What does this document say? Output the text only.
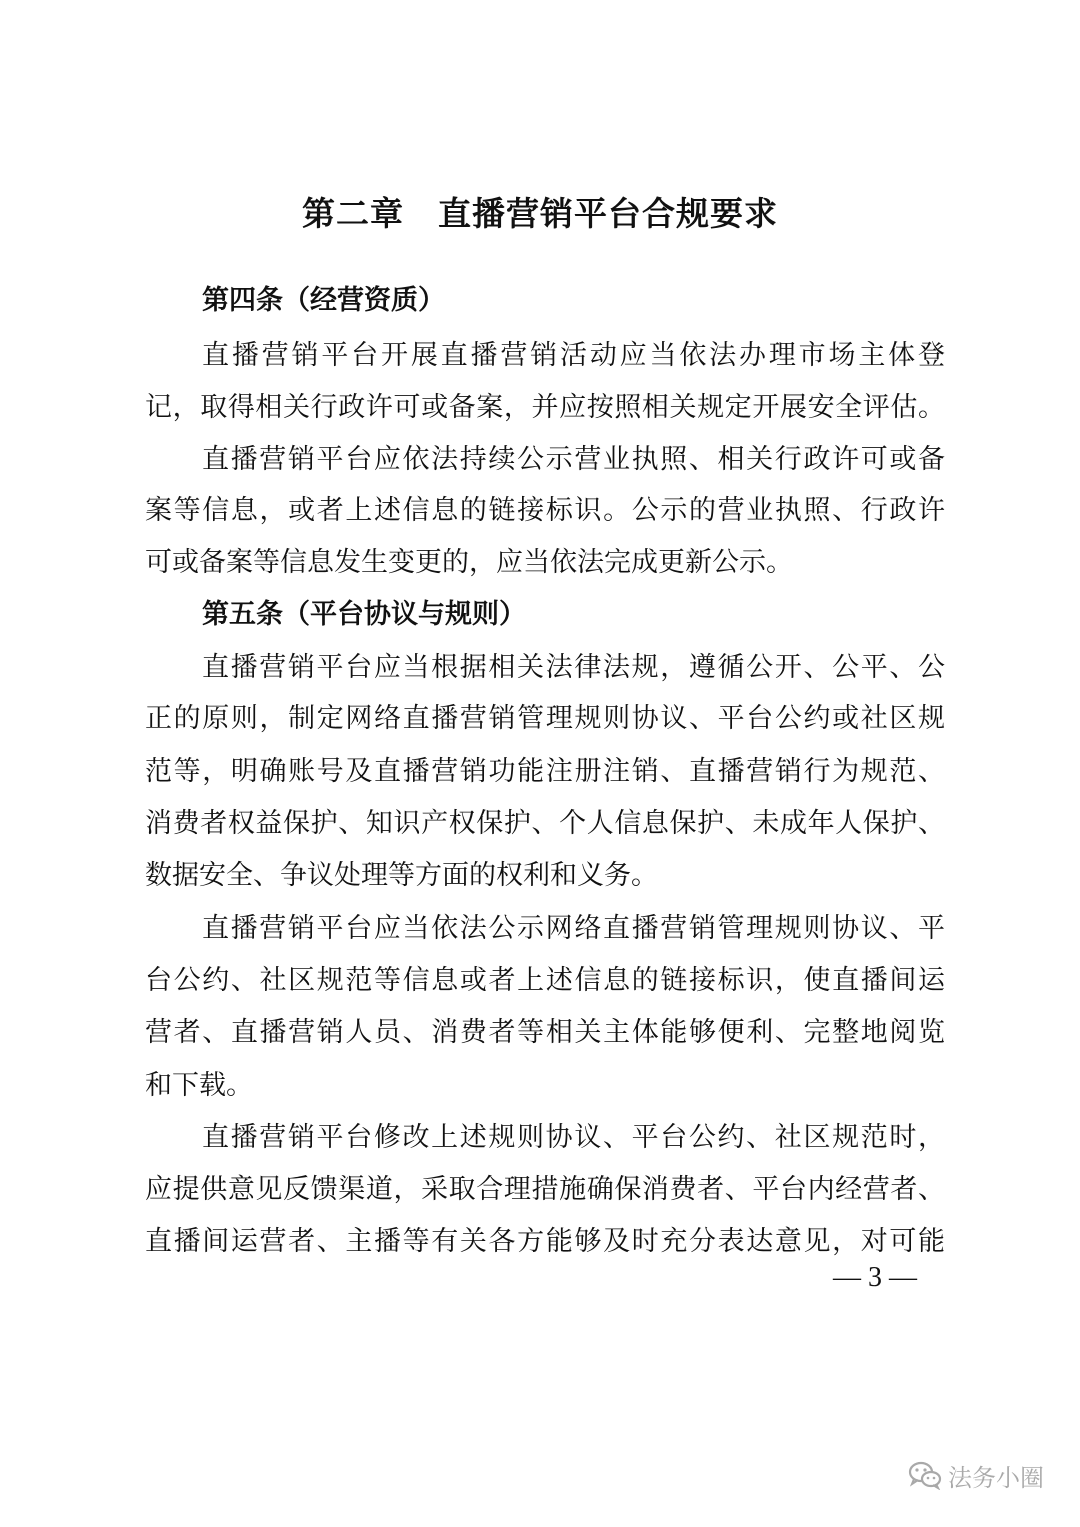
第二章　直播营销平台合规要求

第四条（经营资质）

直播营销平台开展直播营销活动应当依法办理市场主体登

记，取得相关行政许可或备案，并应按照相关规定开展安全评估。

直播营销平台应依法持续公示营业执照、相关行政许可或备

案等信息，或者上述信息的链接标识。公示的营业执照、行政许

可或备案等信息发生变更的，应当依法完成更新公示。

第五条（平台协议与规则）

直播营销平台应当根据相关法律法规，遵循公开、公平、公

正的原则，制定网络直播营销管理规则协议、平台公约或社区规

范等，明确账号及直播营销功能注册注销、直播营销行为规范、

消费者权益保护、知识产权保护、个人信息保护、未成年人保护、

数据安全、争议处理等方面的权利和义务。

直播营销平台应当依法公示网络直播营销管理规则协议、平

台公约、社区规范等信息或者上述信息的链接标识，使直播间运

营者、直播营销人员、消费者等相关主体能够便利、完整地阅览

和下载。

直播营销平台修改上述规则协议、平台公约、社区规范时，

应提供意见反馈渠道，采取合理措施确保消费者、平台内经营者、

直播间运营者、主播等有关各方能够及时充分表达意见，对可能

— 3 —

法务小圈
